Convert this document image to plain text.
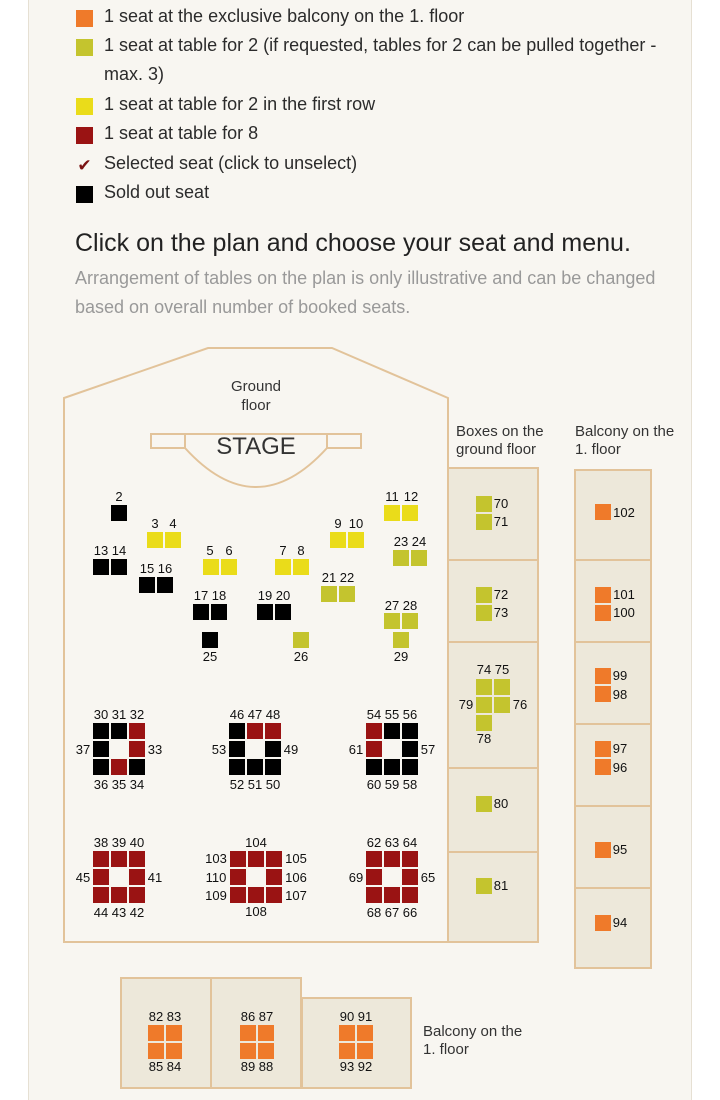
1 seat at the exclusive balcony on the 1. floor
1 seat at table for 2 (if requested, tables for 2 can be pulled together - max. 3)
1 seat at table for 2 in the first row
1 seat at table for 8
✔ Selected seat (click to unselect)
Sold out seat
Click on the plan and choose your seat and menu.
Arrangement of tables on the plan is only illustrative and can be changed based on overall number of booked seats.
Ground
floor
STAGE
Boxes on the
ground floor
Balcony on the
1. floor
Balcony on the
1. floor
2
3 4
5 6	7 8
9 10
11 12
13 14
15 16
17 18 19 20
21 22
23 24
25	26
27 28
29
30 31 32
33
34
35
36
37
46 47 48
49
50
51
52
53
54 55 56
57
58
59
60
61
38 39 40
41
42
43
44
45
104
103
110
109
105
106
107
108
62 63 64
65
66
67
68
69
70
71
72
73
74 75
79	76
78
80
81
102
101
100
99
98
97
96
95
94
82 83
85 84
86 87
89 88
90 91
93 92
